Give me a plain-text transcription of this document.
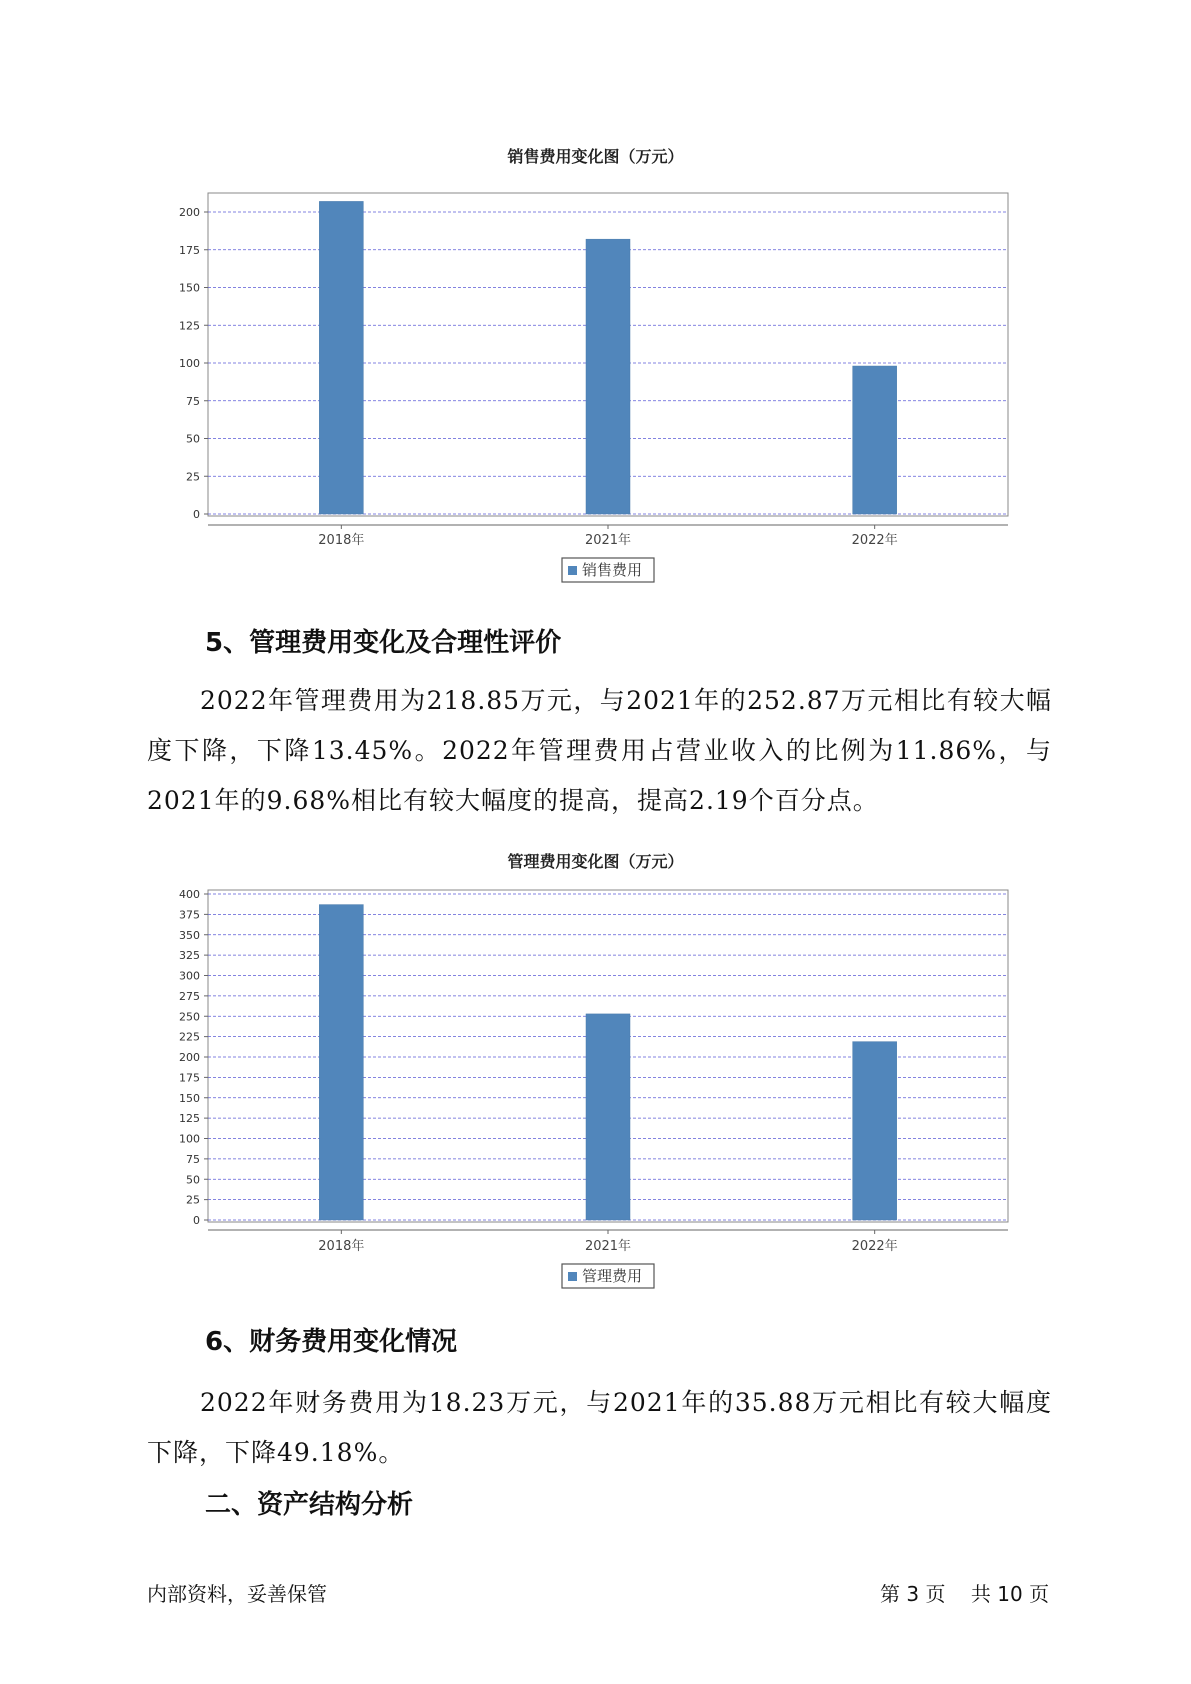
销售费用变化图（万元）
0
25
50
75
100
125
150
175
200
2018年	2021年	2022年
销售费用
5、管理费用变化及合理性评价
2022年管理费用为218.85万元，与2021年的252.87万元相比有较大幅度下降，下降13.45%。2022年管理费用占营业收入的比例为11.86%，与2021年的9.68%相比有较大幅度的提高，提高2.19个百分点。
管理费用变化图（万元）
0
25
50
75
100
125
150
175
200
225
250
275
300
325
350
375
400
2018年	2021年	2022年
管理费用
6、财务费用变化情况
2022年财务费用为18.23万元，与2021年的35.88万元相比有较大幅度下降，下降49.18%。
二、资产结构分析
内部资料，妥善保管	第 3 页 共 10 页
